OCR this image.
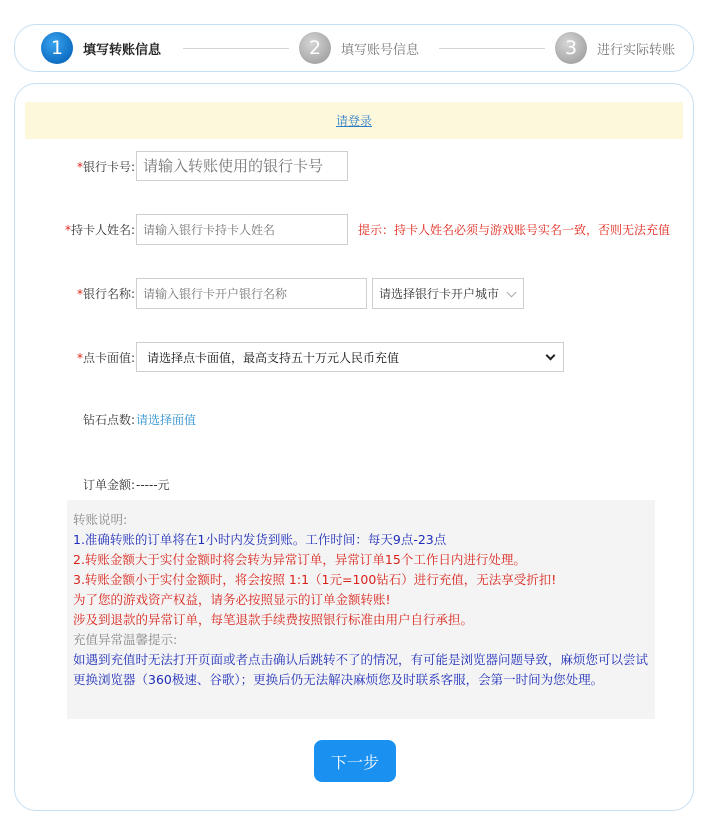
1	填写转账信息	2	填写账号信息	3	进行实际转账
请登录
*银行卡号:
请输入转账使用的银行卡号
*持卡人姓名:
请输入银行卡持卡人姓名	提示：持卡人姓名必须与游戏账号实名一致，否则无法充值
*银行名称:
请输入银行卡开户银行名称	请选择银行卡开户城市
*点卡面值: 请选择点卡面值，最高支持五十万元人民币充值
钻石点数: 请选择面值
订单金额: -----元
转账说明:
1.准确转账的订单将在1小时内发货到账。工作时间：每天9点-23点
2.转账金额大于实付金额时将会转为异常订单，异常订单15个工作日内进行处理。
3.转账金额小于实付金额时，将会按照 1:1（1元=100钻石）进行充值，无法享受折扣!
为了您的游戏资产权益，请务必按照显示的订单金额转账!
涉及到退款的异常订单，每笔退款手续费按照银行标准由用户自行承担。
充值异常温馨提示:
如遇到充值时无法打开页面或者点击确认后跳转不了的情况，有可能是浏览器问题导致，麻烦您可以尝试更换浏览器（360极速、谷歌）；更换后仍无法解决麻烦您及时联系客服，会第一时间为您处理。
下一步
